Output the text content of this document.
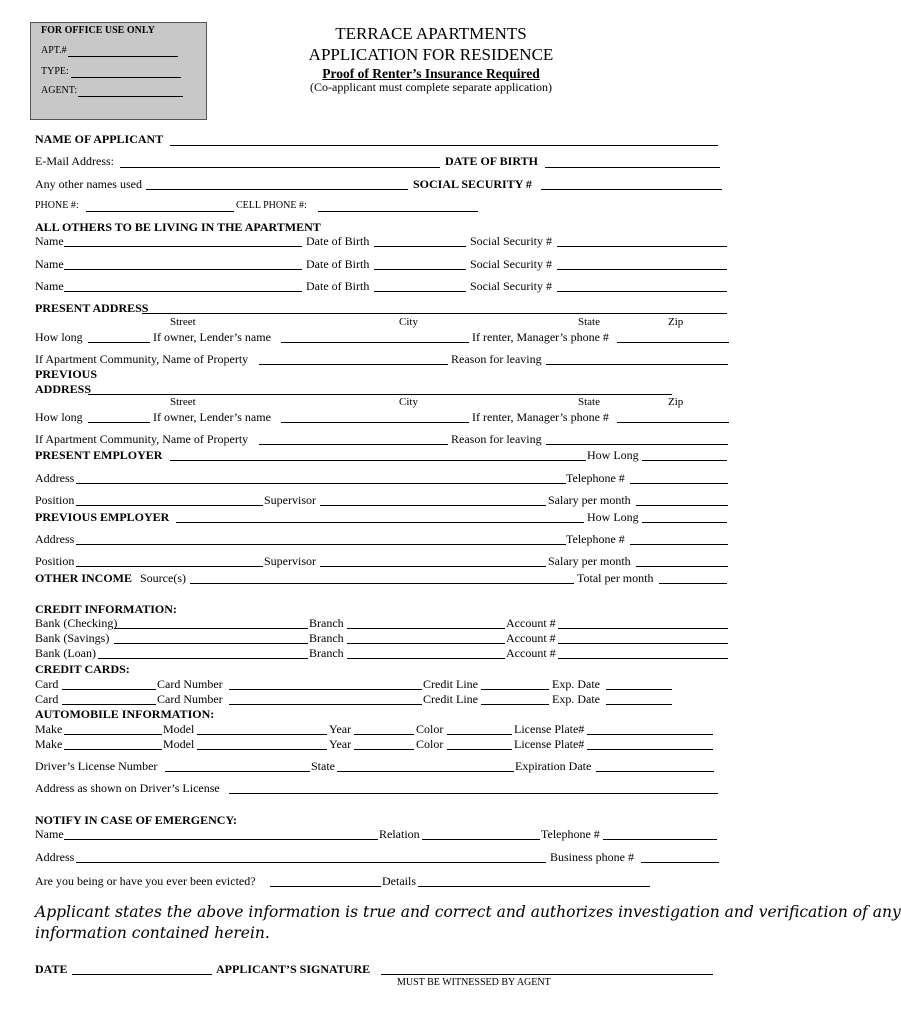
FOR OFFICE USE ONLY
APT.#
TYPE:
AGENT:
TERRACE APARTMENTS
APPLICATION FOR RESIDENCE
Proof of Renter’s Insurance Required
(Co-applicant must complete separate application)
NAME OF APPLICANT
E-Mail Address:	DATE OF BIRTH
Any other names used	SOCIAL SECURITY #
PHONE #:	CELL PHONE #:
ALL OTHERS TO BE LIVING IN THE APARTMENT
Name	Date of Birth	Social Security #
Name	Date of Birth	Social Security #
Name	Date of Birth	Social Security #
PRESENT ADDRESS
Street	City	State	Zip
How long	If owner, Lender’s name	If renter, Manager’s phone #
If Apartment Community, Name of Property	Reason for leaving
PREVIOUS
ADDRESS
Street	City	State	Zip
How long	If owner, Lender’s name	If renter, Manager’s phone #
If Apartment Community, Name of Property	Reason for leaving
PRESENT EMPLOYER	How Long
Address	Telephone #
Position	Supervisor	Salary per month
PREVIOUS EMPLOYER	How Long
Address	Telephone #
Position	Supervisor	Salary per month
OTHER INCOME Source(s)	Total per month
CREDIT INFORMATION:
Bank (Checking)	Branch	Account #
Bank (Savings)	Branch	Account #
Bank (Loan)	Branch	Account #
CREDIT CARDS:
Card	Card Number	Credit Line	Exp. Date
Card	Card Number	Credit Line	Exp. Date
AUTOMOBILE INFORMATION:
Make	Model	Year	Color	License Plate#
Make	Model	Year	Color	License Plate#
Driver’s License Number	State	Expiration Date
Address as shown on Driver’s License
NOTIFY IN CASE OF EMERGENCY:
Name	Relation	Telephone #
Address	Business phone #
Are you being or have you ever been evicted?	Details
Applicant states the above information is true and correct and authorizes investigation and verification of any
information contained herein.
DATE	APPLICANT’S SIGNATURE
MUST BE WITNESSED BY AGENT
